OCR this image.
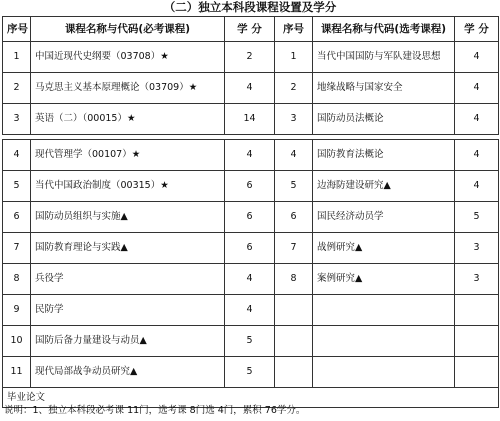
（二）独立本科段课程设置及学分
序号	课程名称与代码(必考课程)	学 分	序号	课程名称与代码(选考课程)	学 分
1	中国近现代史纲要（03708）★	2	1	当代中国国防与军队建设思想	4
2	马克思主义基本原理概论（03709）★	4	2	地缘战略与国家安全	4
3	英语（二）（00015）★	14	3	国防动员法概论	4

4	现代管理学（00107）★	4	4	国防教育法概论	4
5	当代中国政治制度（00315）★	6	5	边海防建设研究▲	4
6	国防动员组织与实施▲	6	6	国民经济动员学	5
7	国防教育理论与实践▲	6	7	战例研究▲	3
8	兵役学	4	8	案例研究▲	3
9	民防学	4			
10	国防后备力量建设与动员▲	5			
11	现代局部战争动员研究▲	5			
毕业论文					
说明：1、独立本科段必考课 11门，选考课 8门选 4门，累积 76学分。
